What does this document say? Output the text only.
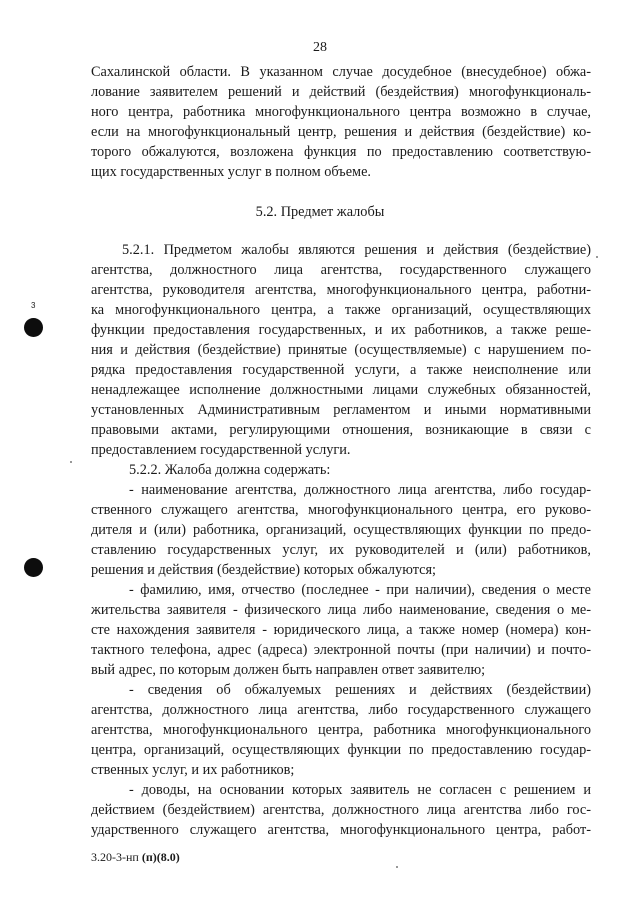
28
Сахалинской области. В указанном случае досудебное (внесудебное) обжа-
лование заявителем решений и действий (бездействия) многофункциональ-
ного центра, работника многофункционального центра возможно в случае,
если на многофункциональный центр, решения и действия (бездействие) ко-
торого обжалуются, возложена функция по предоставлению соответствую-
щих государственных услуг в полном объеме.
5.2. Предмет жалобы
5.2.1. Предметом жалобы являются решения и действия (бездействие)
агентства, должностного лица агентства, государственного служащего
агентства, руководителя агентства, многофункционального центра, работни-
ка многофункционального центра, а также организаций, осуществляющих
функции предоставления государственных, и их работников, а также реше-
ния и действия (бездействие) принятые (осуществляемые) с нарушением по-
рядка предоставления государственной услуги, а также неисполнение или
ненадлежащее исполнение должностными лицами служебных обязанностей,
установленных Административным регламентом и иными нормативными
правовыми актами, регулирующими отношения, возникающие в связи с
предоставлением государственной услуги.
5.2.2. Жалоба должна содержать:
- наименование агентства, должностного лица агентства, либо государ-
ственного служащего агентства, многофункционального центра, его руково-
дителя и (или) работника, организаций, осуществляющих функции по предо-
ставлению государственных услуг, их руководителей и (или) работников,
решения и действия (бездействие) которых обжалуются;
- фамилию, имя, отчество (последнее - при наличии), сведения о месте
жительства заявителя - физического лица либо наименование, сведения о ме-
сте нахождения заявителя - юридического лица, а также номер (номера) кон-
тактного телефона, адрес (адреса) электронной почты (при наличии) и почто-
вый адрес, по которым должен быть направлен ответ заявителю;
- сведения об обжалуемых решениях и действиях (бездействии)
агентства, должностного лица агентства, либо государственного служащего
агентства, многофункционального центра, работника многофункционального
центра, организаций, осуществляющих функции по предоставлению государ-
ственных услуг, и их работников;
- доводы, на основании которых заявитель не согласен с решением и
действием (бездействием) агентства, должностного лица агентства либо гос-
ударственного служащего агентства, многофункционального центра, работ-
3
3.20-3-нп (п)(8.0)
